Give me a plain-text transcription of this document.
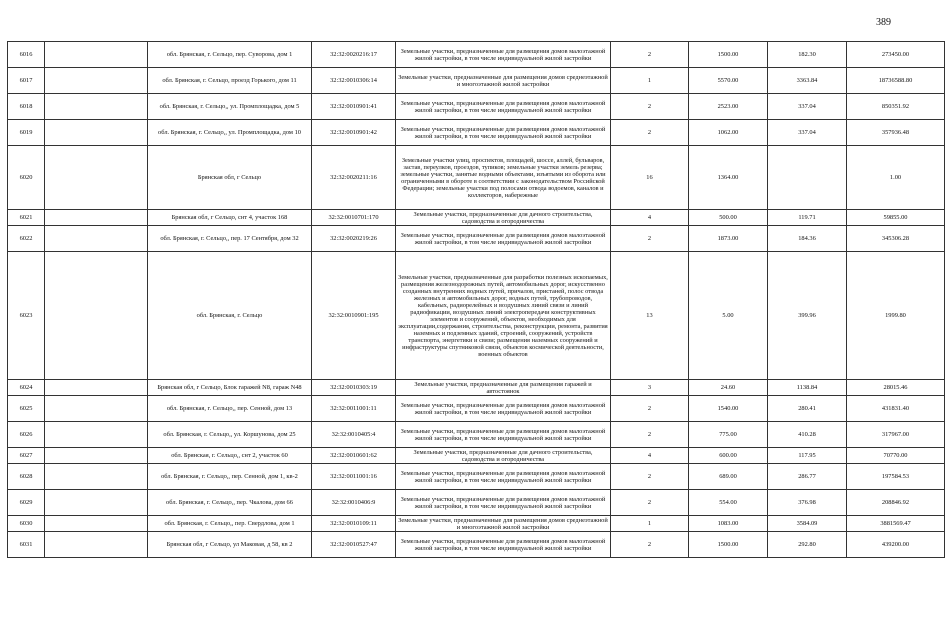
389
6016		обл. Брянская, г. Сельцо, пер. Суворова, дом 1	32:32:0020216:17	Земельные участки, предназначенные для размещения домов малоэтажной жилой застройки, в том числе индивидуальной жилой застройки	2	1500.00	182.30	273450.00
6017		обл. Брянская, г. Сельцо, проезд Горького, дом 11	32:32:0010306:14	Земельные участки, предназначенные для размещения домов среднеэтажной и многоэтажной жилой застройки	1	5570.00	3363.84	18736588.80
6018		обл. Брянская, г. Сельцо,, ул. Промплощадка, дом 5	32:32:0010901:41	Земельные участки, предназначенные для размещения домов малоэтажной жилой застройки, в том числе индивидуальной жилой застройки	2	2523.00	337.04	850351.92
6019		обл. Брянская, г. Сельцо,, ул. Промплощадка, дом 10	32:32:0010901:42	Земельные участки, предназначенные для размещения домов малоэтажной жилой застройки, в том числе индивидуальной жилой застройки	2	1062.00	337.04	357936.48
6020		Брянская обл, г Сельцо	32:32:0020211:16	Земельные участки улиц, проспектов, площадей, шоссе, аллей, бульваров, застав, переулков, проездов, тупиков; земельные участки земель резерва; земельные участки, занятые водными объектами, изъятыми из оборота или ограниченными в обороте в соответствии с законодательством Российской Федерации; земельные участки под полосами отвода водоемов, каналов и коллекторов, набережные	16	1364.00		1.00
6021		Брянская обл, г Сельцо, снт 4, участок 168	32:32:0010701:170	Земельные участки, предназначенные для дачного строительства, садоводства и огородничества	4	500.00	119.71	59855.00
6022		обл. Брянская, г. Сельцо,, пер. 17 Сентября, дом 32	32:32:0020219:26	Земельные участки, предназначенные для размещения домов малоэтажной жилой застройки, в том числе индивидуальной жилой застройки	2	1873.00	184.36	345306.28
6023		обл. Брянская, г. Сельцо	32:32:0010901:195	Земельные участки, предназначенные для разработки полезных ископаемых, размещения железнодорожных путей, автомобильных дорог, искусственно созданных внутренних водных путей, причалов, пристаней, полос отвода железных и автомобильных дорог, водных путей, трубопроводов, кабельных, радиорелейных и воздушных линий связи и линий радиофикации, воздушных линий электропередачи конструктивных элементов и сооружений, объектов, необходимых для эксплуатации,содержания, строительства, реконструкции, ремонта, развития наземных и подземных зданий, строений, сооружений, устройств транспорта, энергетики и связи; размещения наземных сооружений и инфраструктуры спутниковой связи, объектов космической деятельности, военных объектов	13	5.00	399.96	1999.80
6024		Брянская обл, г Сельцо, Блок гаражей N8, гараж N48	32:32:0010303:19	Земельные участки, предназначенные для размещения гаражей и автостоянок	3	24.60	1138.84	28015.46
6025		обл. Брянская, г. Сельцо,, пер. Сенной, дом 13	32:32:0011001:11	Земельные участки, предназначенные для размещения домов малоэтажной жилой застройки, в том числе индивидуальной жилой застройки	2	1540.00	280.41	431831.40
6026		обл. Брянская, г. Сельцо,, ул. Коршунова, дом 25	32:32:0010405:4	Земельные участки, предназначенные для размещения домов малоэтажной жилой застройки, в том числе индивидуальной жилой застройки	2	775.00	410.28	317967.00
6027		обл. Брянская, г. Сельцо,, снт 2, участок 60	32:32:0010601:62	Земельные участки, предназначенные для дачного строительства, садоводства и огородничества	4	600.00	117.95	70770.00
6028		обл. Брянская, г. Сельцо,, пер. Сенной, дом 1, кв-2	32:32:0011001:16	Земельные участки, предназначенные для размещения домов малоэтажной жилой застройки, в том числе индивидуальной жилой застройки	2	689.00	286.77	197584.53
6029		обл. Брянская, г. Сельцо,, пер. Чкалова, дом 66	32:32:0010406:9	Земельные участки, предназначенные для размещения домов малоэтажной жилой застройки, в том числе индивидуальной жилой застройки	2	554.00	376.98	208846.92
6030		обл. Брянская, г. Сельцо,, пер. Свердлова, дом 1	32:32:0010109:11	Земельные участки, предназначенные для размещения домов среднеэтажной и многоэтажной жилой застройки	1	1083.00	3584.09	3881569.47
6031		Брянская обл, г Сельцо, ул Маковая, д 58, кв 2	32:32:0010527:47	Земельные участки, предназначенные для размещения домов малоэтажной жилой застройки, в том числе индивидуальной жилой застройки	2	1500.00	292.80	439200.00
